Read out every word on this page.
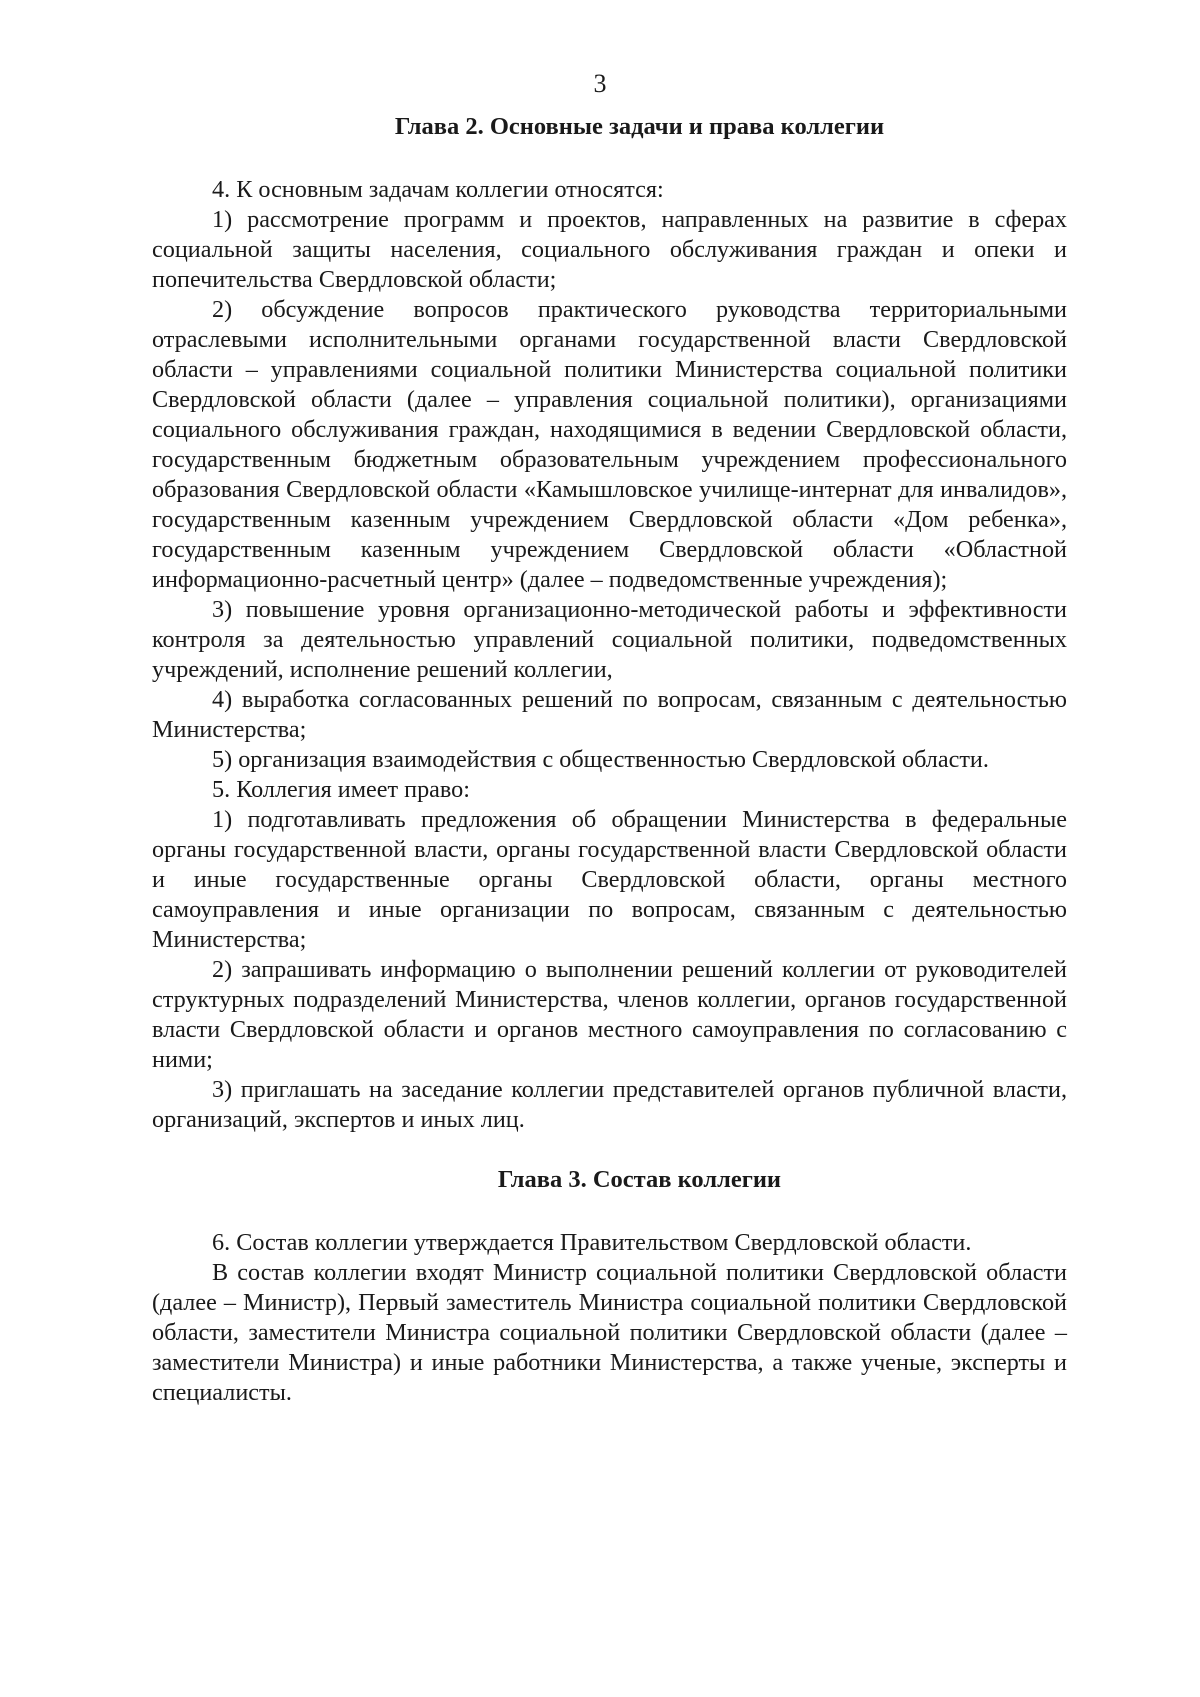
3
Глава 2. Основные задачи и права коллегии

4. К основным задачам коллегии относятся:

1) рассмотрение программ и проектов, направленных на развитие в сферах социальной защиты населения, социального обслуживания граждан и опеки и попечительства Свердловской области;

2) обсуждение вопросов практического руководства территориальными отраслевыми исполнительными органами государственной власти Свердловской области – управлениями социальной политики Министерства социальной политики Свердловской области (далее – управления социальной политики), организациями социального обслуживания граждан, находящимися в ведении Свердловской области, государственным бюджетным образовательным учреждением профессионального образования Свердловской области «Камышловское училище-интернат для инвалидов», государственным казенным учреждением Свердловской области «Дом ребенка», государственным казенным учреждением Свердловской области «Областной информационно-расчетный центр» (далее – подведомственные учреждения);

3) повышение уровня организационно-методической работы и эффективности контроля за деятельностью управлений социальной политики, подведомственных учреждений, исполнение решений коллегии,

4) выработка согласованных решений по вопросам, связанным с деятельностью Министерства;

5) организация взаимодействия с общественностью Свердловской области.

5. Коллегия имеет право:

1) подготавливать предложения об обращении Министерства в федеральные органы государственной власти, органы государственной власти Свердловской области и иные государственные органы Свердловской области, органы местного самоуправления и иные организации по вопросам, связанным с деятельностью Министерства;

2) запрашивать информацию о выполнении решений коллегии от руководителей структурных подразделений Министерства, членов коллегии, органов государственной власти Свердловской области и органов местного самоуправления по согласованию с ними;

3) приглашать на заседание коллегии представителей органов публичной власти, организаций, экспертов и иных лиц.

Глава 3. Состав коллегии

6. Состав коллегии утверждается Правительством Свердловской области.

В состав коллегии входят Министр социальной политики Свердловской области (далее – Министр), Первый заместитель Министра социальной политики Свердловской области, заместители Министра социальной политики Свердловской области (далее – заместители Министра) и иные работники Министерства, а также ученые, эксперты и специалисты.
